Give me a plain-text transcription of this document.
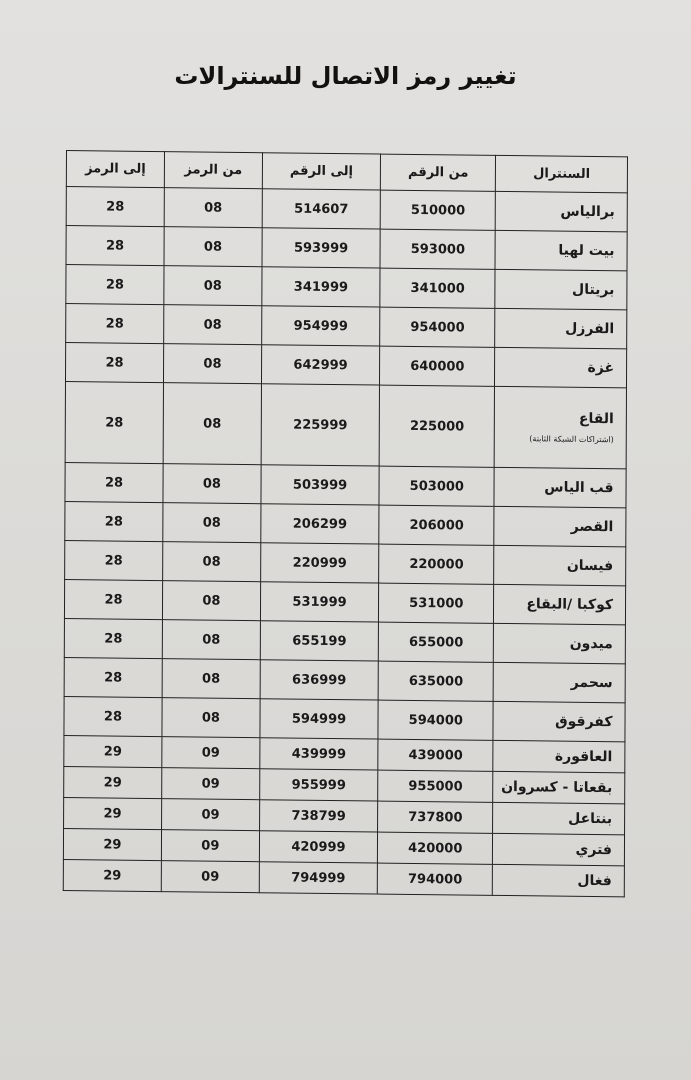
تغيير رمز الاتصال للسنترالات
السنترال	من الرقم	إلى الرقم	من الرمز	إلى الرمز
برالياس	510000	514607	08	28
بيت لهيا	593000	593999	08	28
بريتال	341000	341999	08	28
الفرزل	954000	954999	08	28
غزة	640000	642999	08	28
القاع
(اشتراكات الشبكة الثابتة)	225000	225999	08	28
قب الياس	503000	503999	08	28
القصر	206000	206299	08	28
فيسان	220000	220999	08	28
كوكبا /البقاع	531000	531999	08	28
ميدون	655000	655199	08	28
سحمر	635000	636999	08	28
كفرقوق	594000	594999	08	28
العاقورة	439000	439999	09	29
بقعاتا - كسروان	955000	955999	09	29
بنتاعل	737800	738799	09	29
فتري	420000	420999	09	29
فغال	794000	794999	09	29
